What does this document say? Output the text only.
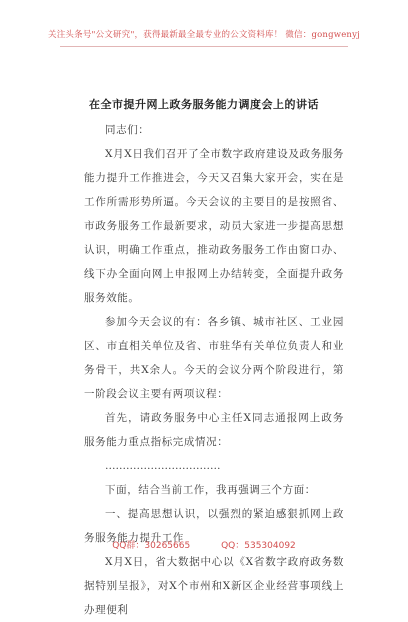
关注头条号"公文研究"，获得最新最全最专业的公文资料库！ 微信：gongwenyj
在全市提升网上政务服务能力调度会上的讲话
同志们：

X月X日我们召开了全市数字政府建设及政务服务能力提升工作推进会，今天又召集大家开会，实在是工作所需形势所逼。今天会议的主要目的是按照省、市政务服务工作最新要求，动员大家进一步提高思想认识，明确工作重点，推动政务服务工作由窗口办、线下办全面向网上申报网上办结转变，全面提升政务服务效能。

参加今天会议的有：各乡镇、城市社区、工业园区、市直相关单位及省、市驻华有关单位负责人和业务骨干，共X余人。今天的会议分两个阶段进行，第一阶段会议主要有两项议程：

首先，请政务服务中心主任X同志通报网上政务服务能力重点指标完成情况：

……………………………

下面，结合当前工作，我再强调三个方面：

一、提高思想认识，以强烈的紧迫感狠抓网上政务服务能力提升工作

X月X日，省大数据中心以《X省数字政府政务数据特别呈报》，对X个市州和X新区企业经营事项线上办理便利

QQ群：30265665	QQ：535304092
